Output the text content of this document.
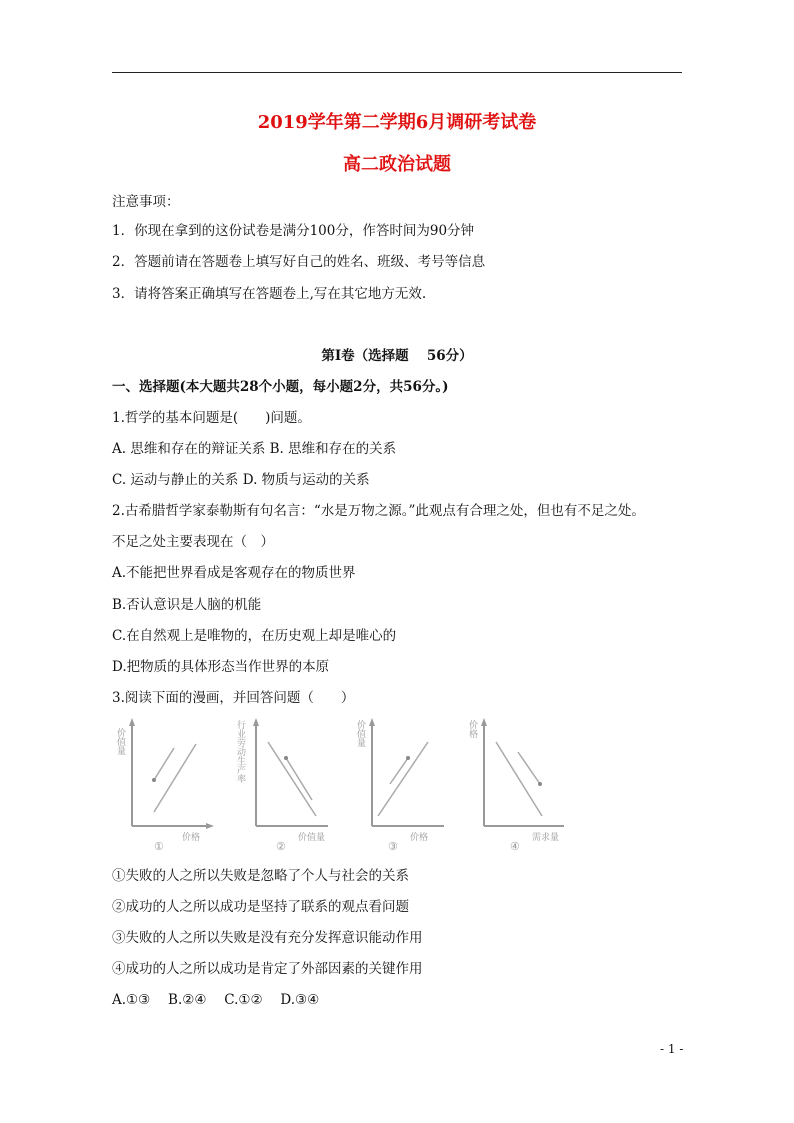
2019学年第二学期6月调研考试卷
高二政治试题
注意事项：
1．你现在拿到的这份试卷是满分100分，作答时间为90分钟
2．答题前请在答题卷上填写好自己的姓名、班级、考号等信息
3．请将答案正确填写在答题卷上,写在其它地方无效.
第Ⅰ卷（选择题　 56分）
一、选择题(本大题共28个小题，每小题2分，共56分。)
1.哲学的基本问题是(　　)问题。
A. 思维和存在的辩证关系 B. 思维和存在的关系
C. 运动与静止的关系 D. 物质与运动的关系
2.古希腊哲学家泰勒斯有句名言：“水是万物之源。”此观点有合理之处，但也有不足之处。
不足之处主要表现在（　）
A.不能把世界看成是客观存在的物质世界
B.否认意识是人脑的机能
C.在自然观上是唯物的，在历史观上却是唯心的
D.把物质的具体形态当作世界的本原
3.阅读下面的漫画，并回答问题（　　）
价值量
价格
①
行业劳动生产率
价值量
②
价值量
价格
③
价格
需求量
④
①失败的人之所以失败是忽略了个人与社会的关系
②成功的人之所以成功是坚持了联系的观点看问题
③失败的人之所以失败是没有充分发挥意识能动作用
④成功的人之所以成功是肯定了外部因素的关键作用
A.①③　 B.②④　 C.①②　 D.③④
- 1 -
